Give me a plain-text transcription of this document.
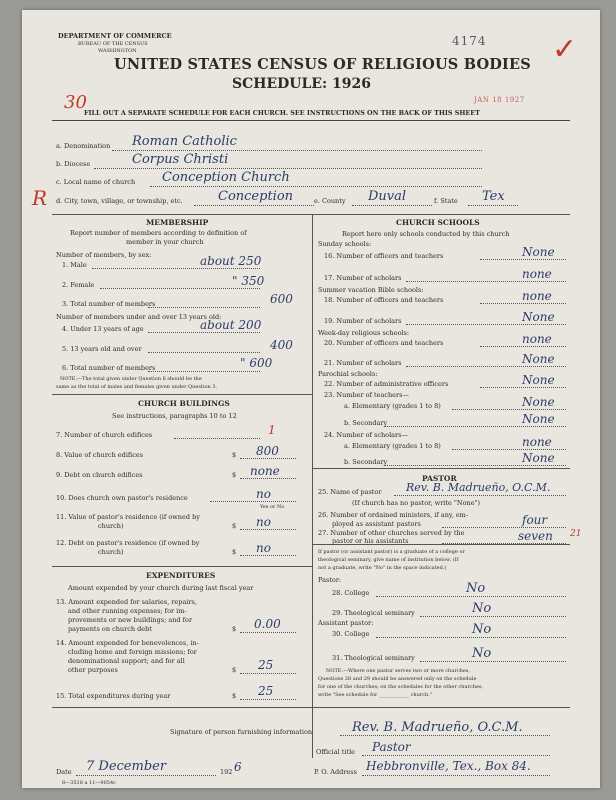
DEPARTMENT OF COMMERCE
BUREAU OF THE CENSUS
WASHINGTON
4174 ✓
UNITED STATES CENSUS OF RELIGIOUS BODIES
SCHEDULE: 1926
30	JAN 18 1927
FILL OUT A SEPARATE SCHEDULE FOR EACH CHURCH. SEE INSTRUCTIONS ON THE BACK OF THIS SHEET
R
a. Denomination Roman Catholic
b. Diocese	Corpus Christi
c. Local name of church Conception Church
d. City, town, village, or township, etc.	Conception	e. County Duval	f. State Tex
MEMBERSHIP
Report number of members according to definition of
member in your church
Number of members, by sex:
1. Male	about 250
2. Female	" 350
3. Total number of members	600
Number of members under and over 13 years old:
4. Under 13 years of age	about 200
5. 13 years old and over	400
6. Total number of members	" 600
NOTE.—The total given under Question 6 should be the
same as the total of males and females given under Question 3.
CHURCH BUILDINGS
See instructions, paragraphs 10 to 12
7. Number of church edifices	1
8. Value of church edifices	$ 800
9. Debt on church edifices	$ none
10. Does church own pastor's residence	no
Yes or No
11. Value of pastor's residence (if owned by
church)	$ no
12. Debt on pastor's residence (if owned by
church)	$ no
EXPENDITURES
Amount expended by your church during last fiscal year
13. Amount expended for salaries, repairs,
and other running expenses; for im-
provements or new buildings; and for
payments on church debt	$ 0.00
14. Amount expended for benevolences, in-
cluding home and foreign missions; for
denominational support; and for all
other purposes	$ 25
15. Total expenditures during year	$ 25
CHURCH SCHOOLS
Report here only schools conducted by this church
Sunday schools:
16. Number of officers and teachers	None
17. Number of scholars	none
Summer vacation Bible schools:
18. Number of officers and teachers	none
19. Number of scholars	None
Week-day religious schools:
20. Number of officers and teachers	none
21. Number of scholars	None
Parochial schools:
22. Number of administrative officers	None
23. Number of teachers—
a. Elementary (grades 1 to 8)	None
b. Secondary	None
24. Number of scholars—
a. Elementary (grades 1 to 8)	none
b. Secondary	None
PASTOR
25. Name of pastor Rev. B. Madrueño, O.C.M.
(If church has no pastor, write "None")
26. Number of ordained ministers, if any, em-
ployed as assistant pastors	four
27. Number of other churches served by the
pastor or his assistants	seven 21
If pastor (or assistant pastor) is a graduate of a college or
theological seminary, give name of institution below. (If
not a graduate, write "No" in the space indicated.)
Pastor:
28. College	No
29. Theological seminary	No
Assistant pastor:
30. College	No
31. Theological seminary	No
NOTE.—Where one pastor serves two or more churches,
Questions 28 and 29 should be answered only on the schedule
for one of the churches; on the schedules for the other churches,
write "See schedule for ____________ church."
Signature of person furnishing information	Rev. B. Madrueño, O.C.M.
Official title Pastor
Date 7 December	192 6	P. O. Address Hebbronville, Tex., Box 84.
8—3518 a 11—9054c
